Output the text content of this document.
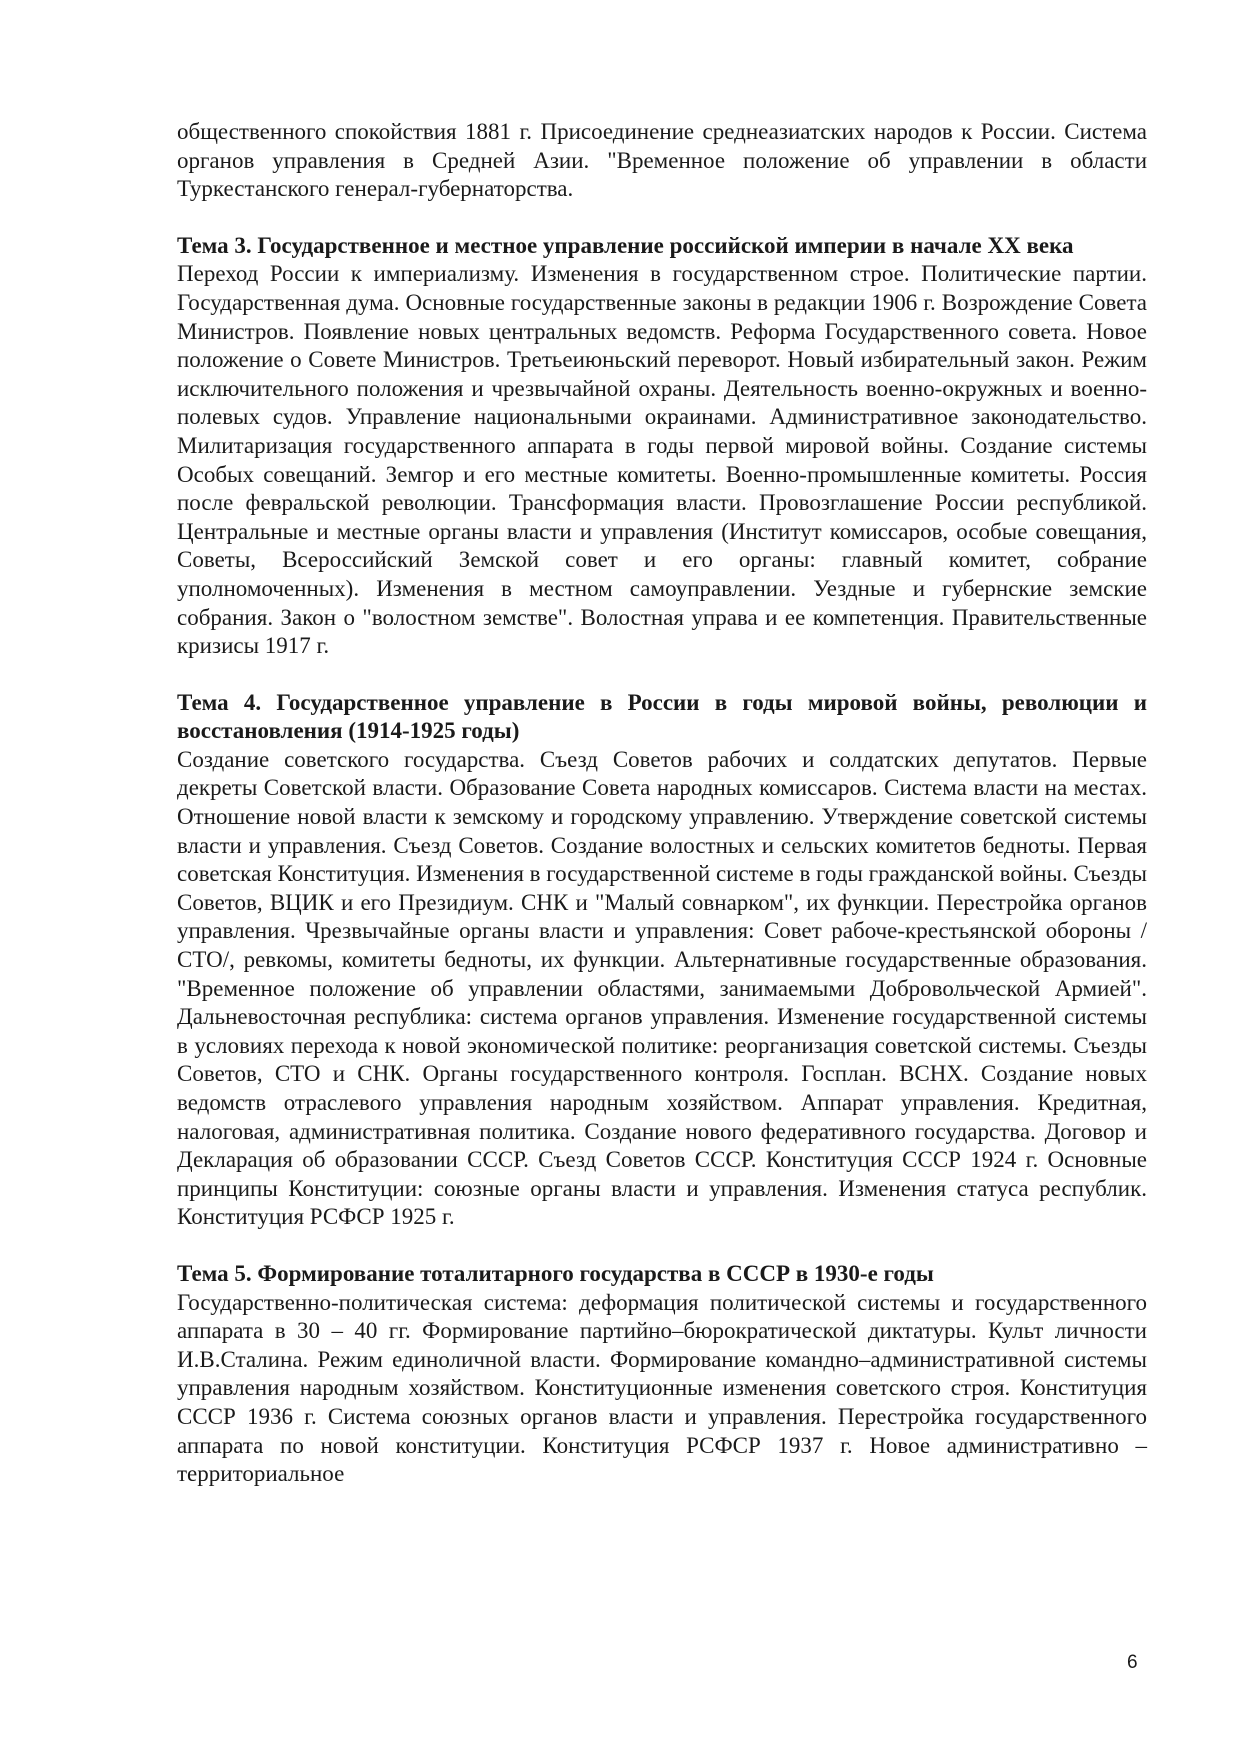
общественного спокойствия 1881 г. Присоединение среднеазиатских народов к России. Система органов управления в Средней Азии. "Временное положение об управлении в области Туркестанского генерал-губернаторства.

Тема 3. Государственное и местное управление российской империи в начале XX века

Переход России к империализму. Изменения в государственном строе. Политические партии. Государственная дума. Основные государственные законы в редакции 1906 г. Возрождение Совета Министров. Появление новых центральных ведомств. Реформа Государственного совета. Новое положение о Совете Министров. Третьеиюньский переворот. Новый избирательный закон. Режим исключительного положения и чрезвычайной охраны. Деятельность военно-окружных и военно-полевых судов. Управление национальными окраинами. Административное законодательство. Милитаризация государственного аппарата в годы первой мировой войны. Создание системы Особых совещаний. Земгор и его местные комитеты. Военно-промышленные комитеты. Россия после февральской революции. Трансформация власти. Провозглашение России республикой. Центральные и местные органы власти и управления (Институт комиссаров, особые совещания, Советы, Всероссийский Земской совет и его органы: главный комитет, собрание уполномоченных). Изменения в местном самоуправлении. Уездные и губернские земские собрания. Закон о "волостном земстве". Волостная управа и ее компетенция. Правительственные кризисы 1917 г.

Тема 4. Государственное управление в России в годы мировой войны, революции и восстановления (1914-1925 годы)

Создание советского государства. Съезд Советов рабочих и солдатских депутатов. Первые декреты Советской власти. Образование Совета народных комиссаров. Система власти на местах. Отношение новой власти к земскому и городскому управлению. Утверждение советской системы власти и управления. Съезд Советов. Создание волостных и сельских комитетов бедноты. Первая советская Конституция. Изменения в государственной системе в годы гражданской войны. Съезды Советов, ВЦИК и его Президиум. СНК и "Малый совнарком", их функции. Перестройка органов управления. Чрезвычайные органы власти и управления: Совет рабоче-крестьянской обороны /СТО/, ревкомы, комитеты бедноты, их функции. Альтернативные государственные образования. "Временное положение об управлении областями, занимаемыми Добровольческой Армией". Дальневосточная республика: система органов управления. Изменение государственной системы в условиях перехода к новой экономической политике: реорганизация советской системы. Съезды Советов, СТО и СНК. Органы государственного контроля. Госплан. ВСНХ. Создание новых ведомств отраслевого управления народным хозяйством. Аппарат управления. Кредитная, налоговая, административная политика. Создание нового федеративного государства. Договор и Декларация об образовании СССР. Съезд Советов СССР. Конституция СССР 1924 г. Основные принципы Конституции: союзные органы власти и управления. Изменения статуса республик. Конституция РСФСР 1925 г.

Тема 5. Формирование тоталитарного государства в СССР в 1930-е годы

Государственно-политическая система: деформация политической системы и государственного аппарата в 30 – 40 гг. Формирование партийно–бюрократической диктатуры. Культ личности И.В.Сталина. Режим единоличной власти. Формирование командно–административной системы управления народным хозяйством. Конституционные изменения советского строя. Конституция СССР 1936 г. Система союзных органов власти и управления. Перестройка государственного аппарата по новой конституции. Конституция РСФСР 1937 г. Новое административно – территориальное

6
